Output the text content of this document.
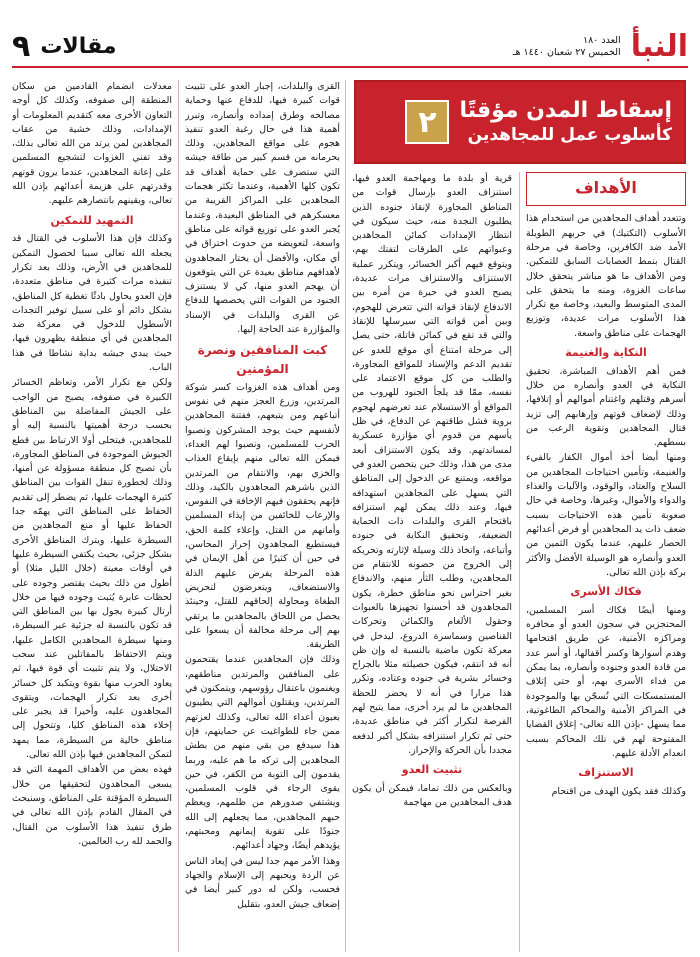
٩ مقالات	العدد ١٨٠
الخميس ٢٧ شعبان ١٤٤٠ هـ النبأ
إسقاط المدن مؤقتًا
كأسلوب عمل للمجاهدين
٢
الأهداف

وتتعدد أهداف المجاهدين من استخدام هذا الأسلوب (التكتيك) في حربهم الطويلة الأمد ضد الكافرين، وخاصة في مرحلة القتال بنمط العصابات السابق للتمكين. ومن الأهداف ما هو مباشر يتحقق خلال ساعات الغزوة، ومنه ما يتحقق على المدى المتوسط والبعيد، وخاصة مع تكرار هذا الأسلوب مرات عديدة، وتوزيع الهجمات على مناطق واسعة.

النكاية والغنيمة

فمن أهم الأهداف المباشرة، تحقيق النكاية في العدو وأنصاره من خلال أسرهم وقتلهم واغتنام أموالهم أو إتلافها، وذلك لإضعاف قوتهم وإرهابهم إلى تزيد قتال المجاهدين وتقوية الرعب من بسطهم.

ومنها أيضا أخذ أموال الكفار بالفيء والغنيمة، وتأمين احتياجات المجاهدين من السلاح والعتاد، والوقود، والآليات والغذاء والدواء والأموال، وغيرها، وخاصة في حال صعوبة تأمين هذه الاحتياجات بسبب ضعف ذات يد المجاهدين أو فرض أعدائهم الحصار عليهم، عندما يكون الثمين من العدو وأنصاره هو الوسيلة الأفضل والأكثر بركة بإذن الله تعالى.

فكاك الأسرى

ومنها أيضًا فكاك أسر المسلمين، المحتجزين في سجون العدو أو مخافره ومراكزه الأمنية، عن طريق اقتحامها وهدم أسوارها وكسر أقفالها، أو أسر عدد من قادة العدو وجنوده وأنصاره، بما يمكن من فداء الأسرى بهم، أو حتى إتلاف المستمسكات التي تُسجّن بها والموجودة في المراكز الأمنية والمحاكم الطاغوتية، مما يسهل -بإذن الله تعالى- إغلاق القضايا المفتوحة لهم في تلك المحاكم بسبب انعدام الأدلة عليهم.

الاستنزاف

وكذلك فقد يكون الهدف من اقتحام

قرية أو بلدة ما ومهاجمة العدو فيها، استنزاف العدو بإرسال قوات من المناطق المجاورة لإنقاذ جنوده الذين يطلبون النجدة منه، حيث سيكون في انتظار الإمدادات كمائن المجاهدين وعبواتهم على الطرقات لتفتك بهم، ويتوقع فيهم أكبر الخسائر، ويتكرر عملية الاستنزاف والاستنزاف مرات عديدة، يصبح العدو في حيرة من أمره بين الاندفاع لإنقاذ قواته التي تتعرض للهجوم، وبين أمن قواته التي سيرسلها للإنقاذ والتي قد تقع في كمائن قاتلة، حتى يصل إلى مرحلة امتناع أي موقع للعدو عن تقديم الدعم والإسناد للمواقع المجاورة، والطلب من كل موقع الاعتماد على نفسه، ممّا قد يلجأ الجنود للهروب من المواقع أو الاستسلام عند تعرضهم لهجوم بروية فشل طاقتهم عن الدفاع، في ظل يأسهم من قدوم أي مؤازرة عسكرية لمساندتهم. وقد يكون الاستنزاف أبعد مدى من هذا، وذلك حين يتحصن العدو في مواقعه، ويمتنع عن الدخول إلى المناطق التي يسهل على المجاهدين استهدافه فيها، وعند ذلك يمكن لهم استنزافه باقتحام القرى والبلدات ذات الحماية الضعيفة، وتحقيق النكاية في جنوده وأتباعه، واتخاذ ذلك وسيلة لإثارته وتحريكه إلى الخروج من حصونه للانتقام من المجاهدين، وطلب الثأر منهم، والاندفاع بغير احتراس نحو مناطق خطرة، يكون المجاهدون قد أحسنوا تجهيزها بالعبوات وحقول الألغام والكمائن وتحركات القناصين وسماسرة الدروع، ليدخل في معركة تكون ماضية بالنسبة له وإن ظن أنه قد انتقم، فيكون حصيلته مثلا بالجراح وخسائر بشرية في جنوده وعتاده، وتكرر هذا مرارا في أنه لا يحضر للحظة المجاهدين ما لم يرد أخرى، مما يتيح لهم الفرصة لتكرار أكثر في مناطق عديدة، حتى ثم تكرار استنزافه بشكل أكبر لدفعه مجددا بأن الحركة والإحراز.

تثبيت العدو

وبالعكس من ذلك تماما، فيمكن أن يكون هدف المجاهدين من مهاجمة

القرى والبلدات، إجبار العدو على تثبيت قوات كبيرة فيها، للدفاع عنها وحماية مصالحه وطرق إمداده وأنصاره، وتبرز أهمية هذا في حال رغبة العدو تنفيذ هجوم على مواقع المجاهدين، وذلك بحرمانه من قسم كبير من طاقة جيشه التي ستصرف على حماية أهداف قد تكون كلها الأهمية، وعندما تكثر هجمات المجاهدين على المراكز القريبة من معسكرهم في المناطق البعيدة، وعندما يُجبر العدو على توزيع قواته على مناطق واسعة، لتعويضه من حدوث اختراق في أي مكان، والأفضل أن يختار المجاهدون لأهدافهم مناطق بعيدة عن التي يتوقعون أن يهجم العدو منها، كي لا يستنزف الجنود من القوات التي يخصصها للدفاع عن القرى والبلدات في الإسناد والمؤازرة عند الحاجة إليها.

كبت المنافقين ونصرة المؤمنين

ومن أهداف هذه الغزوات كسر شوكة المرتدين، وزرع العجز منهم في نفوس أتباعهم ومن يتبعهم، ففتنة المجاهدين لأنفسهم حيث يوجد المشركون ونصبوا الحرب للمسلمين، ونصبوا لهم العداء، فيمكن الله تعالى منهم بإيقاع العذاب والخزي بهم، والانتقام من المرتدين الذين باشرهم المجاهدون بالكيد، وذلك فإنهم يحققون فيهم الإخافة في النفوس، والإرعاب للخائفين من إيذاء المسلمين وأمانهم من القتل، وإعلاء كلمة الحق، فيستطيع المجاهدون إحراز المحاسن، في حين أن كثيرًا من أهل الإيمان في هذه المرحلة يفرض عليهم الذلة والاستضعاف، ويتعرضون لتحريض الطغاة ومحاولة إلحاقهم للقتل، وحينئذ يحصل من اللحاق بالمجاهدين ما يرتقي بهم إلى مرحلة مخالفة أن يسعوا على الطريقة.

وذلك فإن المجاهدين عندما يقتحمون على المنافقين والمرتدين مناطقهم، ويغنمون باعتقال رؤوسهم، ويتمكنون في المرتدين، ويقتلون أموالهم التي يطيبون بعيون أعداء الله تعالى، وكذلك لعزتهم ممن جاء للطواغيت عن حمايتهم، فإن هذا سيدفع من بقي منهم من بطش المجاهدين إلى تركه ما هم عليه، وربما يقدمون إلى التوبة من الكفر، في حين يقوى الرجاء في قلوب المسلمين، ويشتفي صدورهم من ظلمهم، ويعظم حبهم المجاهدين، مما يجعلهم إلى الله جنودًا على تقوية إيمانهم ومحبتهم، يؤيدهم أيضًا، وجهاد أعدائهم.

وهذا الأمر مهم جدا ليس في إيعاد الناس عن الردة ويحبهم إلى الإسلام والجهاد فحسب، ولكن له دور كبير أيضا في إضعاف جيش العدو، بتقليل

معدلات انضمام القادمين من سكان المنطقة إلى صفوفه، وكذلك كل أوجه التعاون الأخرى معه كتقديم المعلومات أو الإمدادات، وذلك خشية من عقاب المجاهدين لمن يرتد من الله تعالى بذلك، وقد تفني الغزوات لتشجيع المسلمين على إعانة المجاهدين، عندما يرون قوتهم وقدرتهم على هزيمة أعدائهم بإذن الله تعالى، ويقينهم بانتصارهم عليهم.

التمهيد للتمكين

وكذلك فإن هذا الأسلوب في القتال قد يجعله الله تعالى سببا لحصول التمكين للمجاهدين في الأرض، وذلك بعد تكرار تنفيذه مرات كثيرة في مناطق متعددة، فإن العدو يحاول بادئًا تغطية كل المناطق، بشكل دائم أو على سبيل توفير التجدات الأسطول للدخول في معركة ضد المجاهدين في أي منطقة يظهرون فيها، حيث يبدي جيشه بداية نشاطا في هذا الباب.

ولكن مع تكرار الأمر، وتعاظم الخسائر الكبيرة في صفوفه، يصبح من الواجب على الجيش المفاضلة بين المناطق بحسب درجة أهميتها بالنسبة إليه أو للمجاهدين، فيتخلى أولا الارتباط بين قطع الجيوش الموجودة في المناطق المجاورة، بأن تصبح كل منطقة مسؤولة عن أمنها، وذلك لخطورة تنقل القوات بين المناطق كثيرة الهجمات عليها، ثم يضطر إلى تقديم الحفاظ على المناطق التي يهمّه جدا الحفاظ عليها أو منع المجاهدين من السيطرة عليها، ويترك المناطق الأخرى بشكل جزئي، بحيث يكتفي السيطرة عليها في أوقات معينة (خلال الليل مثلا) أو أطول من ذلك بحيث يقتصر وجوده على لحظات عابرة يُثبت وجوده فيها من خلال أرتال كبيرة يجول بها بين المناطق التي قد تكون بالنسبة له جزئية عبر السيطرة، ومنها سيطرة المجاهدين الكامل عليها، ويتم الاحتفاظ بالمقاتلين عند سحب الاحتلال، ولا يتم تثبيت أي قوة فيها، ثم يعاود الحرب منها بقوة ويتكبد كل خسائر أخرى بعد تكرار الهجمات، ويتقوى المجاهدون عليه، وأخيرا قد يجبر على إخلاء هذه المناطق كليا، وتتحول إلى مناطق خالية من السيطرة، مما يمهد لتمكن المجاهدين فيها بإذن الله تعالى.

فهذه بعض من الأهداف المهمة التي قد يسعى المجاهدون لتحقيقها من خلال السيطرة المؤقتة على المناطق، وسنبحث في المقال القادم بإذن الله تعالى في طرق تنفيذ هذا الأسلوب من القتال، والحمد لله رب العالمين.
